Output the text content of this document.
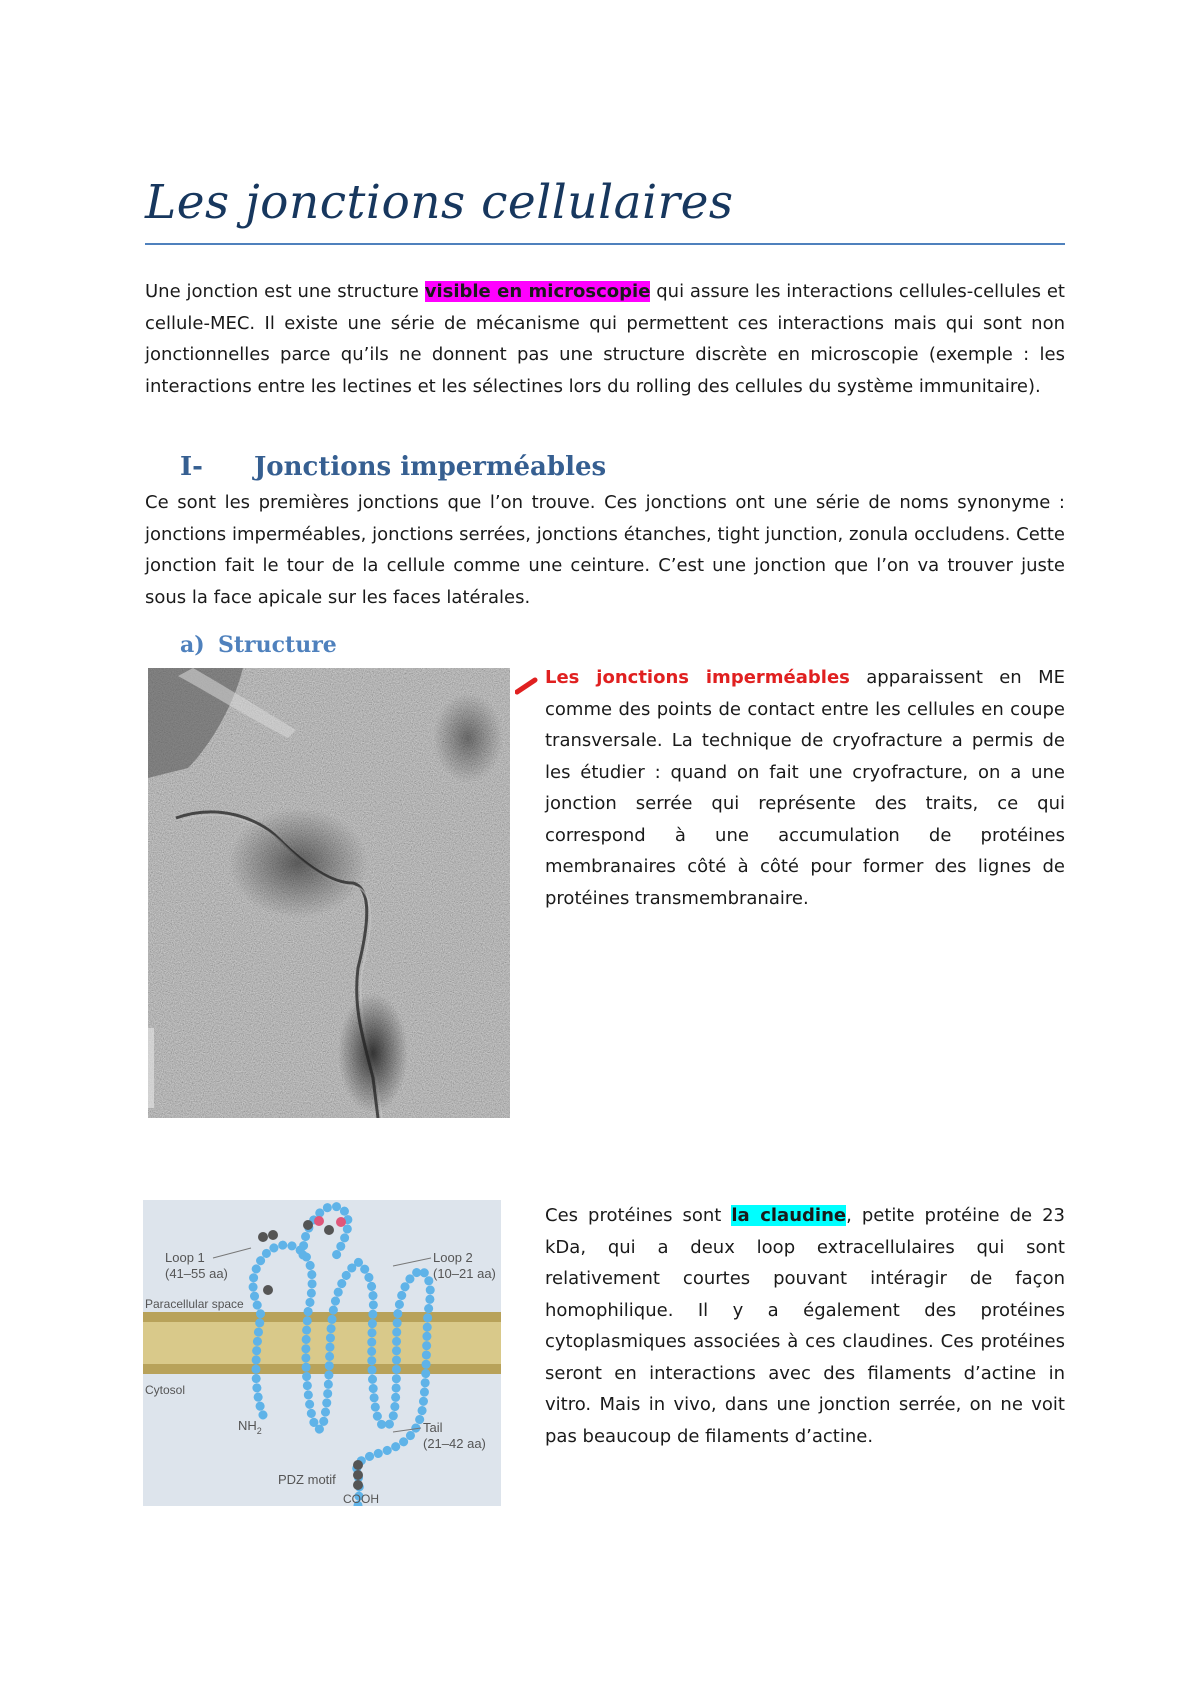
Les jonctions cellulaires

Une jonction est une structure visible en microscopie qui assure les interactions cellules-cellules et cellule-MEC. Il existe une série de mécanisme qui permettent ces interactions mais qui sont non jonctionnelles parce qu’ils ne donnent pas une structure discrète en microscopie (exemple : les interactions entre les lectines et les sélectines lors du rolling des cellules du système immunitaire).

I- Jonctions imperméables

Ce sont les premières jonctions que l’on trouve. Ces jonctions ont une série de noms synonyme : jonctions imperméables, jonctions serrées, jonctions étanches, tight junction, zonula occludens. Cette jonction fait le tour de la cellule comme une ceinture. C’est une jonction que l’on va trouver juste sous la face apicale sur les faces latérales.

a) Structure

Les jonctions imperméables apparaissent en ME comme des points de contact entre les cellules en coupe transversale. La technique de cryofracture a permis de les étudier : quand on fait une cryofracture, on a une jonction serrée qui représente des traits, ce qui correspond à une accumulation de protéines membranaires côté à côté pour former des lignes de protéines transmembranaire.

Loop 1
(41–55 aa)
Loop 2
(10–21 aa)
Paracellular space
Cytosol
$NH_2$	Tail
(21–42 aa)
PDZ motif
COOH

Ces protéines sont la claudine, petite protéine de 23 kDa, qui a deux loop extracellulaires qui sont relativement courtes pouvant intéragir de façon homophilique. Il y a également des protéines cytoplasmiques associées à ces claudines. Ces protéines seront en interactions avec des filaments d’actine in vitro. Mais in vivo, dans une jonction serrée, on ne voit pas beaucoup de filaments d’actine.
